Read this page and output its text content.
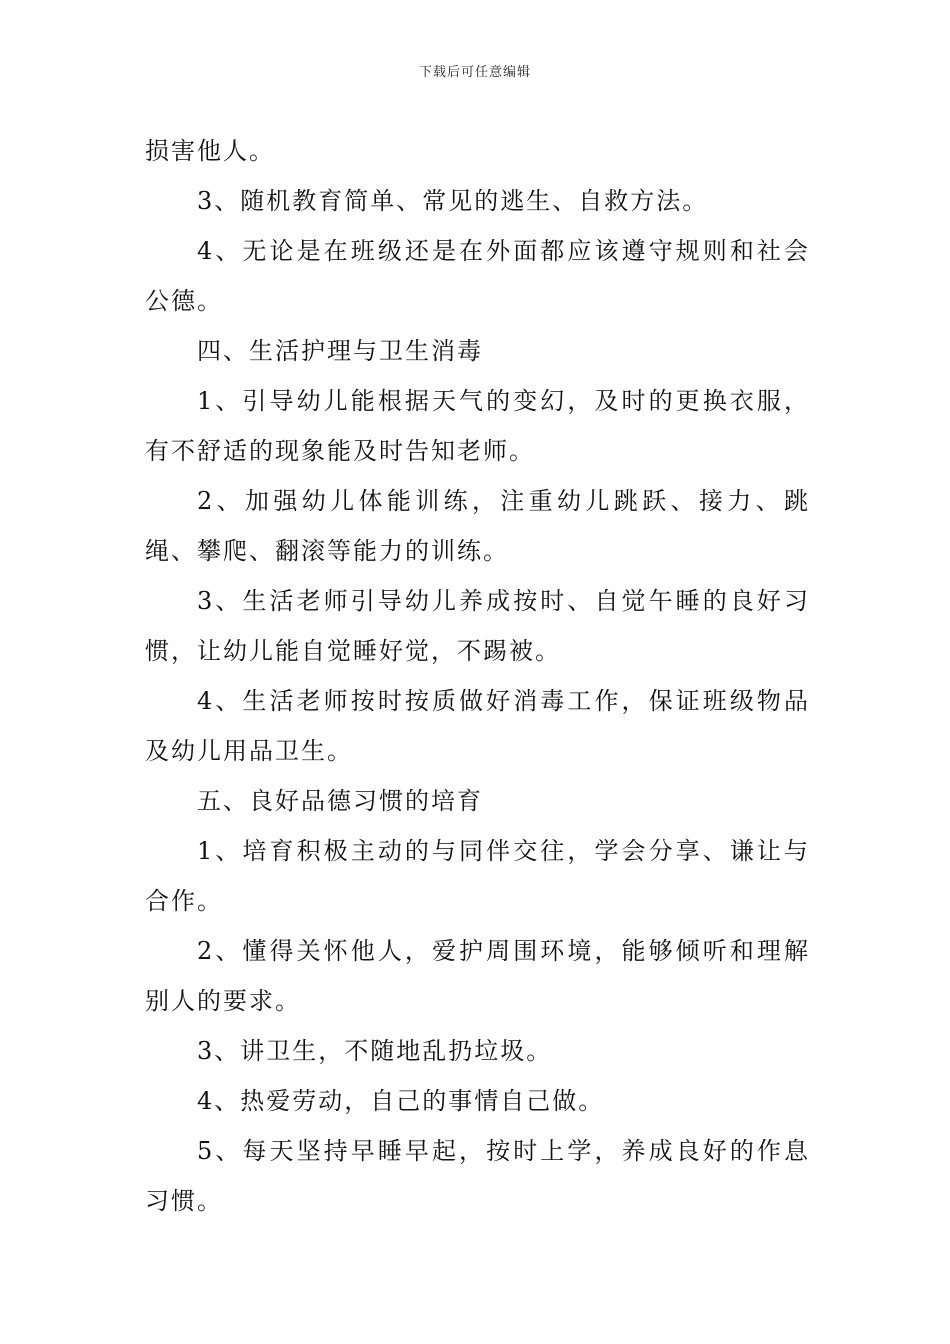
下载后可任意编辑

损害他人。

3、随机教育简单、常见的逃生、自救方法。

4、无论是在班级还是在外面都应该遵守规则和社会公德。

四、生活护理与卫生消毒

1、引导幼儿能根据天气的变幻，及时的更换衣服，有不舒适的现象能及时告知老师。

2、加强幼儿体能训练，注重幼儿跳跃、接力、跳绳、攀爬、翻滚等能力的训练。

3、生活老师引导幼儿养成按时、自觉午睡的良好习惯，让幼儿能自觉睡好觉，不踢被。

4、生活老师按时按质做好消毒工作，保证班级物品及幼儿用品卫生。

五、良好品德习惯的培育

1、培育积极主动的与同伴交往，学会分享、谦让与合作。

2、懂得关怀他人，爱护周围环境，能够倾听和理解别人的要求。

3、讲卫生，不随地乱扔垃圾。

4、热爱劳动，自己的事情自己做。

5、每天坚持早睡早起，按时上学，养成良好的作息习惯。
